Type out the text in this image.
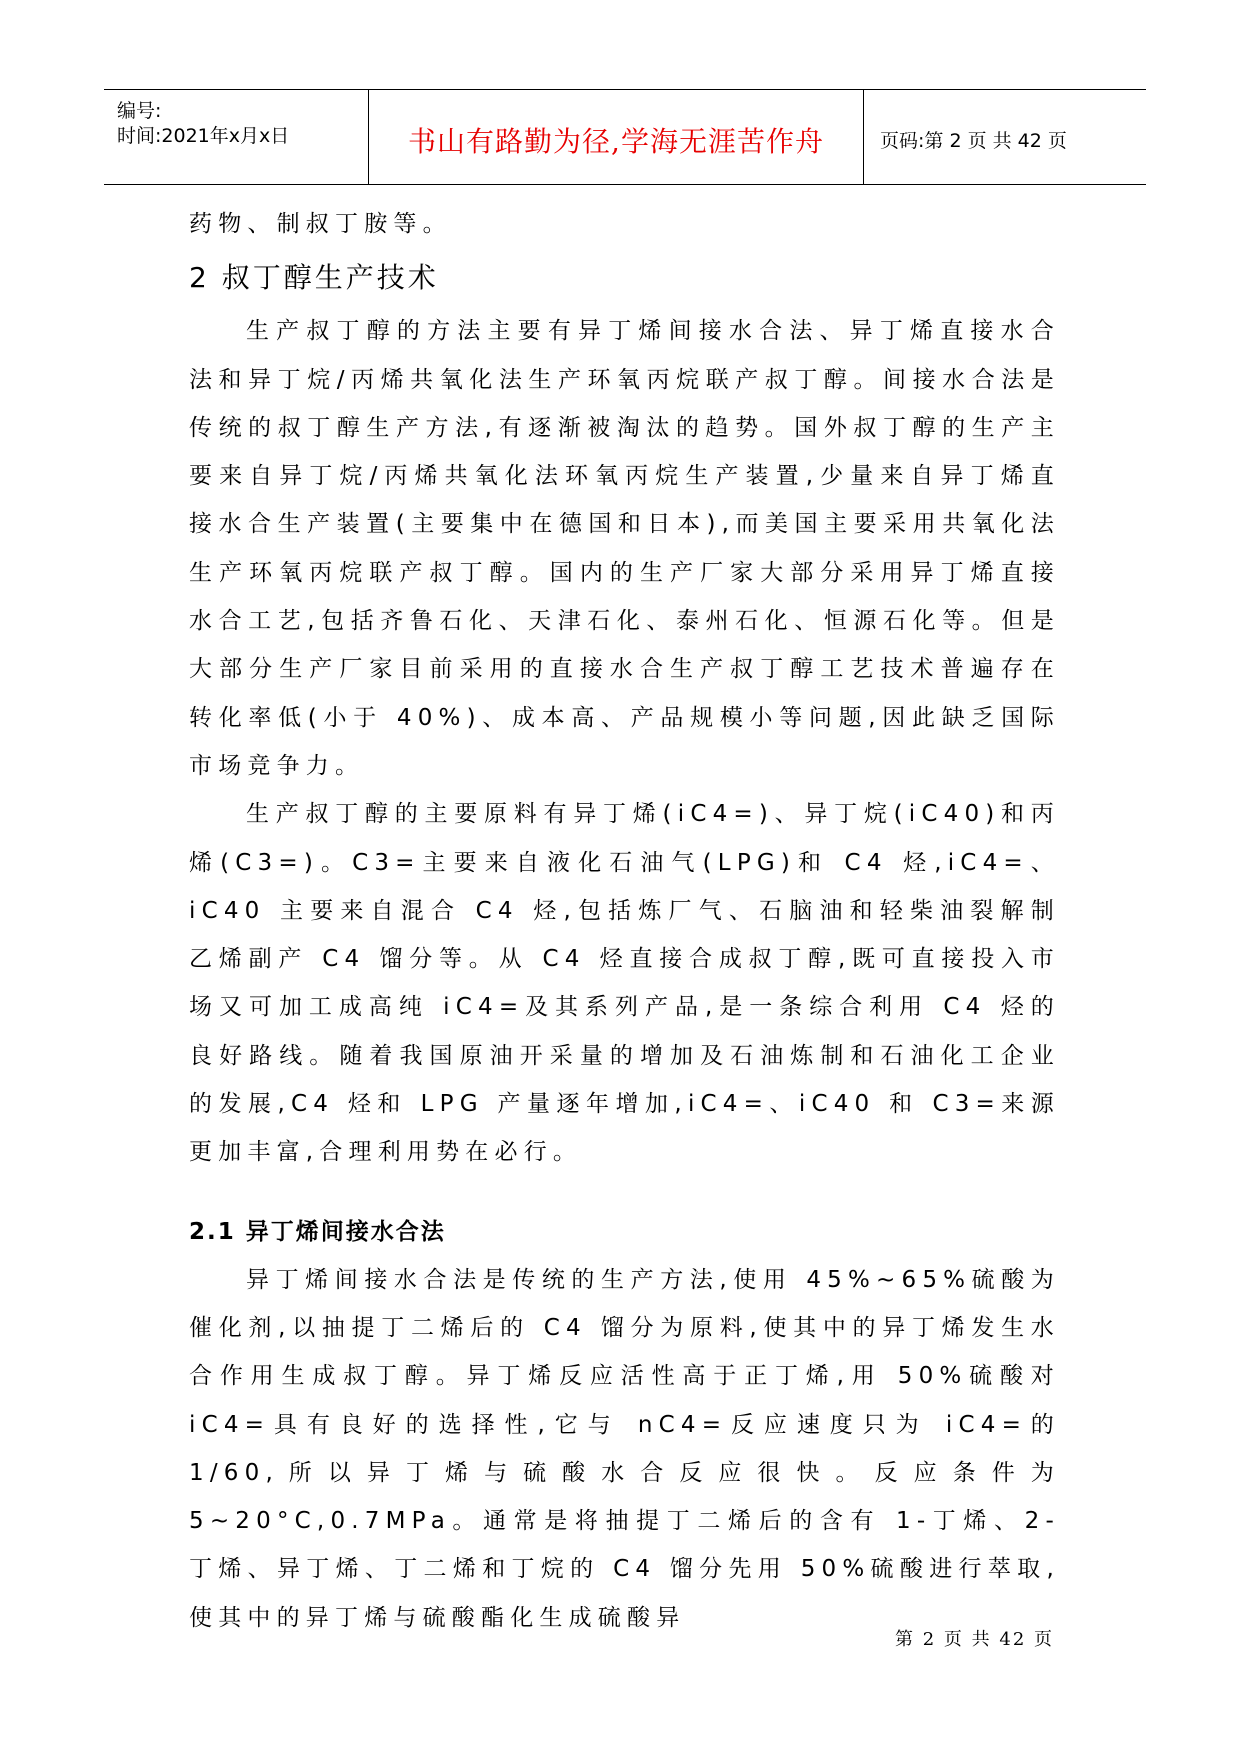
编号:
时间:2021年x月x日	书山有路勤为径,学海无涯苦作舟	页码:第 2 页 共 42 页

药物、制叔丁胺等。

2 叔丁醇生产技术

生产叔丁醇的方法主要有异丁烯间接水合法、异丁烯直接水合法和异丁烷/丙烯共氧化法生产环氧丙烷联产叔丁醇。间接水合法是传统的叔丁醇生产方法,有逐渐被淘汰的趋势。国外叔丁醇的生产主要来自异丁烷/丙烯共氧化法环氧丙烷生产装置,少量来自异丁烯直接水合生产装置(主要集中在德国和日本),而美国主要采用共氧化法生产环氧丙烷联产叔丁醇。国内的生产厂家大部分采用异丁烯直接水合工艺,包括齐鲁石化、天津石化、泰州石化、恒源石化等。但是大部分生产厂家目前采用的直接水合生产叔丁醇工艺技术普遍存在转化率低(小于 40%)、成本高、产品规模小等问题,因此缺乏国际市场竞争力。

生产叔丁醇的主要原料有异丁烯(iC4=)、异丁烷(iC40)和丙烯(C3=)。C3=主要来自液化石油气(LPG)和 C4 烃,iC4=、iC40 主要来自混合 C4 烃,包括炼厂气、石脑油和轻柴油裂解制乙烯副产 C4 馏分等。从 C4 烃直接合成叔丁醇,既可直接投入市场又可加工成高纯 iC4=及其系列产品,是一条综合利用 C4 烃的良好路线。随着我国原油开采量的增加及石油炼制和石油化工企业的发展,C4 烃和 LPG 产量逐年增加,iC4=、iC40 和 C3=来源更加丰富,合理利用势在必行。

2.1 异丁烯间接水合法

异丁烯间接水合法是传统的生产方法,使用 45%~65%硫酸为催化剂,以抽提丁二烯后的 C4 馏分为原料,使其中的异丁烯发生水合作用生成叔丁醇。异丁烯反应活性高于正丁烯,用 50%硫酸对 iC4=具有良好的选择性,它与 nC4=反应速度只为 iC4=的 1/60,所以异丁烯与硫酸水合反应很快。反应条件为 5~20°C,0.7MPa。通常是将抽提丁二烯后的含有 1-丁烯、2-丁烯、异丁烯、丁二烯和丁烷的 C4 馏分先用 50%硫酸进行萃取,使其中的异丁烯与硫酸酯化生成硫酸异

第 2 页 共 42 页
